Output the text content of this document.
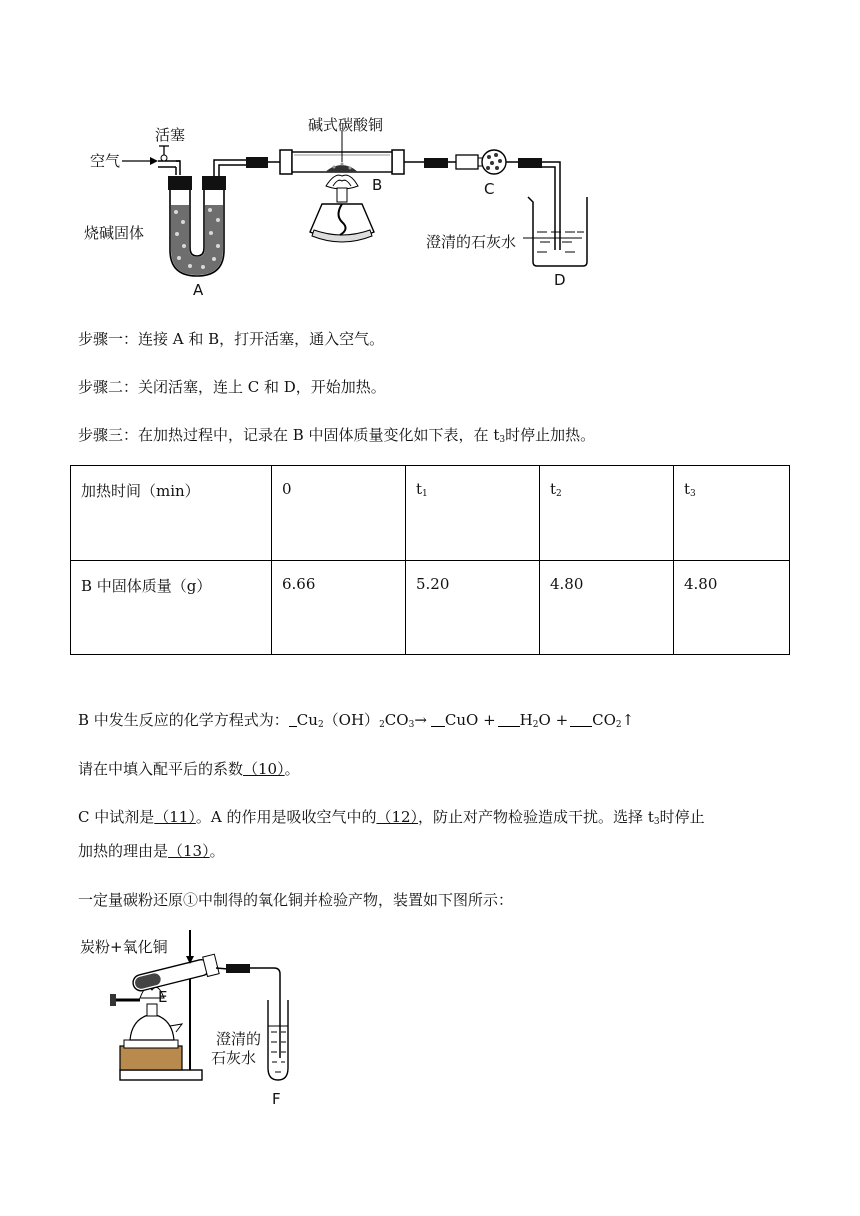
空气
活塞
烧碱固体
碱式碳酸铜
澄清的石灰水
A
B	C
D
步骤一：连接 A 和 B，打开活塞，通入空气。
步骤二：关闭活塞，连上 C 和 D，开始加热。
步骤三：在加热过程中，记录在 B 中固体质量变化如下表，在 $t_3$时停止加热。
加热时间（min）	0	$t_1$	$t_2$	$t_3$
B 中固体质量（g）	6.66	5.20	4.80	4.80
B 中发生反应的化学方程式为： $Cu_2(OH)_2CO_3\to$ CuO + $H_2O$ + $CO_2↑$
请在中填入配平后的系数（10）。
C 中试剂是（11）。A 的作用是吸收空气中的（12），防止对产物检验造成干扰。选择 $t_3$时停止
加热的理由是（13）。
一定量碳粉还原①中制得的氧化铜并检验产物，装置如下图所示：
炭粉+氧化铜
E
澄清的
石灰水
F
